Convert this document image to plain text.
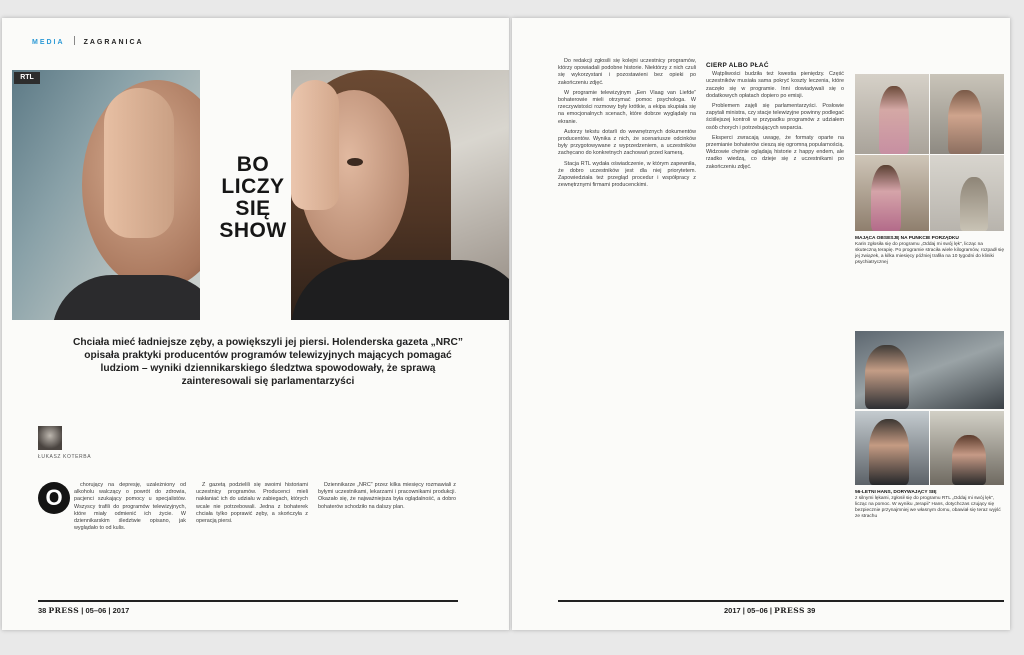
MEDIA	ZAGRANICA
RTL
BO
LICZY
SIĘ
SHOW
Chciała mieć ładniejsze zęby, a powiększyli jej piersi. Holenderska gazeta „NRC” opisała praktyki producentów programów telewizyjnych mających pomagać ludziom – wyniki dziennikarskiego śledztwa spowodowały, że sprawą zainteresowali się parlamentarzyści
ŁUKASZ KOTERBA
O	chorujący na depresję, uzależniony od alkoholu walczący o powrót do zdrowia, pacjenci szukający pomocy u specjalistów. Wszyscy trafili do programów telewizyjnych, które miały odmienić ich życie. W dziennikarskim śledztwie opisano, jak wyglądało to od kulis.

Z gazetą podzielili się swoimi historiami uczestnicy programów. Producenci mieli nakłaniać ich do udziału w zabiegach, których wcale nie potrzebowali. Jedna z bohaterek chciała tylko poprawić zęby, a skończyła z operacją piersi.

Dziennikarze „NRC” przez kilka miesięcy rozmawiali z byłymi uczestnikami, lekarzami i pracownikami produkcji. Okazało się, że najważniejsza była oglądalność, a dobro bohaterów schodziło na dalszy plan.

38 PRESS | 05–06 | 2017

Do redakcji zgłosili się kolejni uczestnicy programów, którzy opowiadali podobne historie. Niektórzy z nich czuli się wykorzystani i pozostawieni bez opieki po zakończeniu zdjęć.

W programie telewizyjnym „Een Vlaag van Liefde” bohaterowie mieli otrzymać pomoc psychologa. W rzeczywistości rozmowy były krótkie, a ekipa skupiała się na emocjonalnych scenach, które dobrze wyglądały na ekranie.

Autorzy tekstu dotarli do wewnętrznych dokumentów producentów. Wynika z nich, że scenariusze odcinków były przygotowywane z wyprzedzeniem, a uczestników zachęcano do konkretnych zachowań przed kamerą.

Stacja RTL wydała oświadczenie, w którym zapewniła, że dobro uczestników jest dla niej priorytetem. Zapowiedziała też przegląd procedur i współpracy z zewnętrznymi firmami producenckimi.

CIERP ALBO PŁAĆ

Wątpliwości budziła też kwestia pieniędzy. Część uczestników musiała sama pokryć koszty leczenia, które zaczęło się w programie. Inni dowiadywali się o dodatkowych opłatach dopiero po emisji.

Problemem zajęli się parlamentarzyści. Posłowie zapytali ministra, czy stacje telewizyjne powinny podlegać ściślejszej kontroli w przypadku programów z udziałem osób chorych i potrzebujących wsparcia.

Eksperci zwracają uwagę, że formaty oparte na przemianie bohaterów cieszą się ogromną popularnością. Widzowie chętnie oglądają historie z happy endem, ale rzadko wiedzą, co dzieje się z uczestnikami po zakończeniu zdjęć.

MAJĄCA OBSESJĘ NA PUNKCIE PORZĄDKU
Karin zgłosiła się do programu „Oddaj mi swój lęk”, licząc na skuteczną terapię. Po programie straciła wiele kilogramów, rozpadł się jej związek, a kilka miesięcy później trafiła na 10 tygodni do kliniki psychiatrycznej
56-LETNI HANS, DORYWAJĄCY SIĘ
z silnymi lękami, zgłosił się do programu RTL „Oddaj mi swój lęk”, licząc na pomoc. W wyniku „terapii” Hans, dotychczas czujący się bezpiecznie przynajmniej we własnym domu, obawiał się teraz wyjść ze strachu
2017 | 05–06 | PRESS 39
